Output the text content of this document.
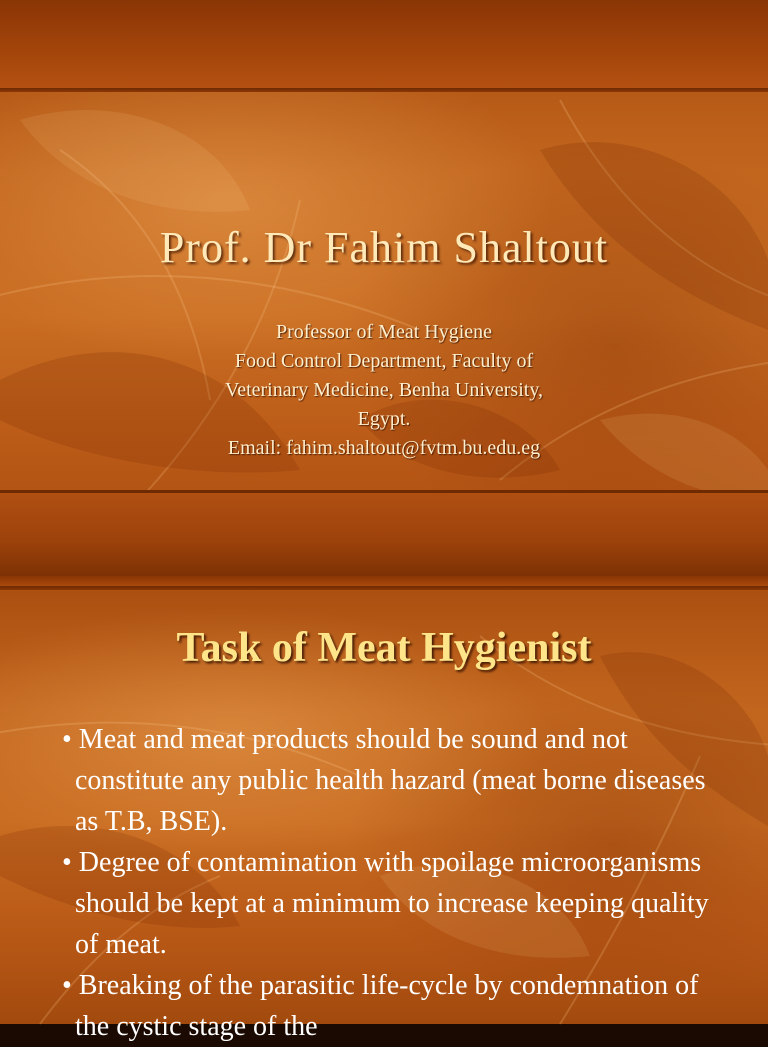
Prof. Dr Fahim Shaltout
Professor of Meat Hygiene
Food Control Department, Faculty of
Veterinary Medicine, Benha University,
Egypt.
Email: fahim.shaltout@fvtm.bu.edu.eg
Task of Meat Hygienist
• Meat and meat products should be sound and not constitute any public health hazard (meat borne diseases as T.B, BSE).
• Degree of contamination with spoilage microorganisms should be kept at a minimum to increase keeping quality of meat.
• Breaking of the parasitic life-cycle by condemnation of the cystic stage of the
